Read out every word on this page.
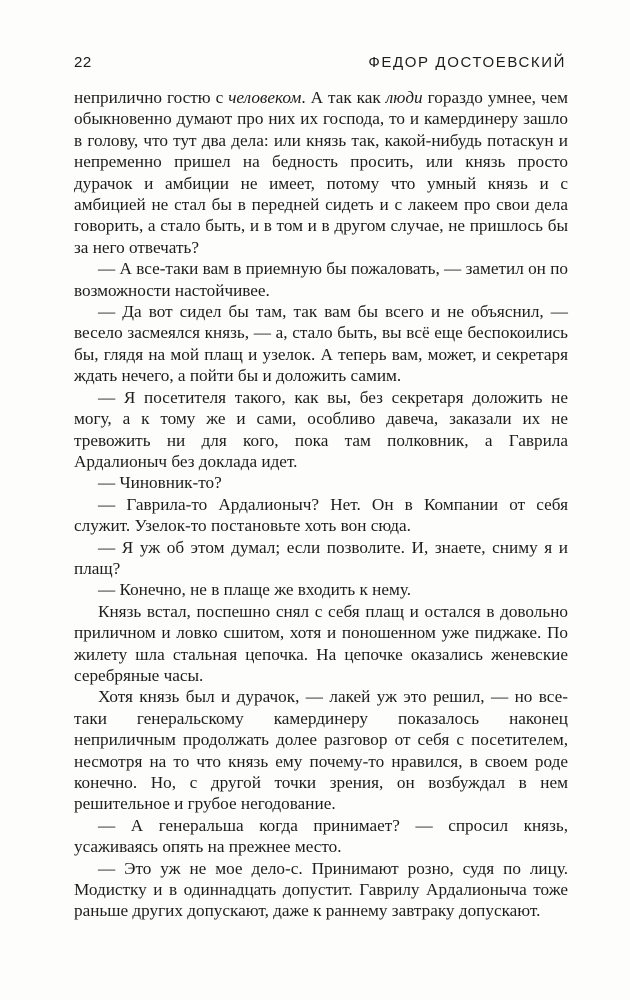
22	ФЕДОР ДОСТОЕВСКИЙ

неприлично гостю с человеком. А так как люди гораздо умнее, чем обыкновенно думают про них их господа, то и камердинеру зашло в голову, что тут два дела: или князь так, какой-нибудь потаскун и непременно пришел на бедность просить, или князь просто дурачок и амбиции не имеет, потому что умный князь и с амбицией не стал бы в передней сидеть и с лакеем про свои дела говорить, а стало быть, и в том и в другом случае, не пришлось бы за него отвечать?

— А все-таки вам в приемную бы пожаловать, — заметил он по возможности настойчивее.

— Да вот сидел бы там, так вам бы всего и не объяснил, — весело засмеялся князь, — а, стало быть, вы всё еще беспокоились бы, глядя на мой плащ и узелок. А теперь вам, может, и секретаря ждать нечего, а пойти бы и доложить самим.

— Я посетителя такого, как вы, без секретаря доложить не могу, а к тому же и сами, особливо давеча, заказали их не тревожить ни для кого, пока там полковник, а Гаврила Ардалионыч без доклада идет.

— Чиновник-то?

— Гаврила-то Ардалионыч? Нет. Он в Компании от себя служит. Узелок-то постановьте хоть вон сюда.

— Я уж об этом думал; если позволите. И, знаете, сниму я и плащ?

— Конечно, не в плаще же входить к нему.

Князь встал, поспешно снял с себя плащ и остался в довольно приличном и ловко сшитом, хотя и поношенном уже пиджаке. По жилету шла стальная цепочка. На цепочке оказались женевские серебряные часы.

Хотя князь был и дурачок, — лакей уж это решил, — но все-таки генеральскому камердинеру показалось наконец неприличным продолжать долее разговор от себя с посетителем, несмотря на то что князь ему почему-то нравился, в своем роде конечно. Но, с другой точки зрения, он возбуждал в нем решительное и грубое негодование.

— А генеральша когда принимает? — спросил князь, усаживаясь опять на прежнее место.

— Это уж не мое дело-с. Принимают розно, судя по лицу. Модистку и в одиннадцать допустит. Гаврилу Ардалионыча тоже раньше других допускают, даже к раннему завтраку допускают.
